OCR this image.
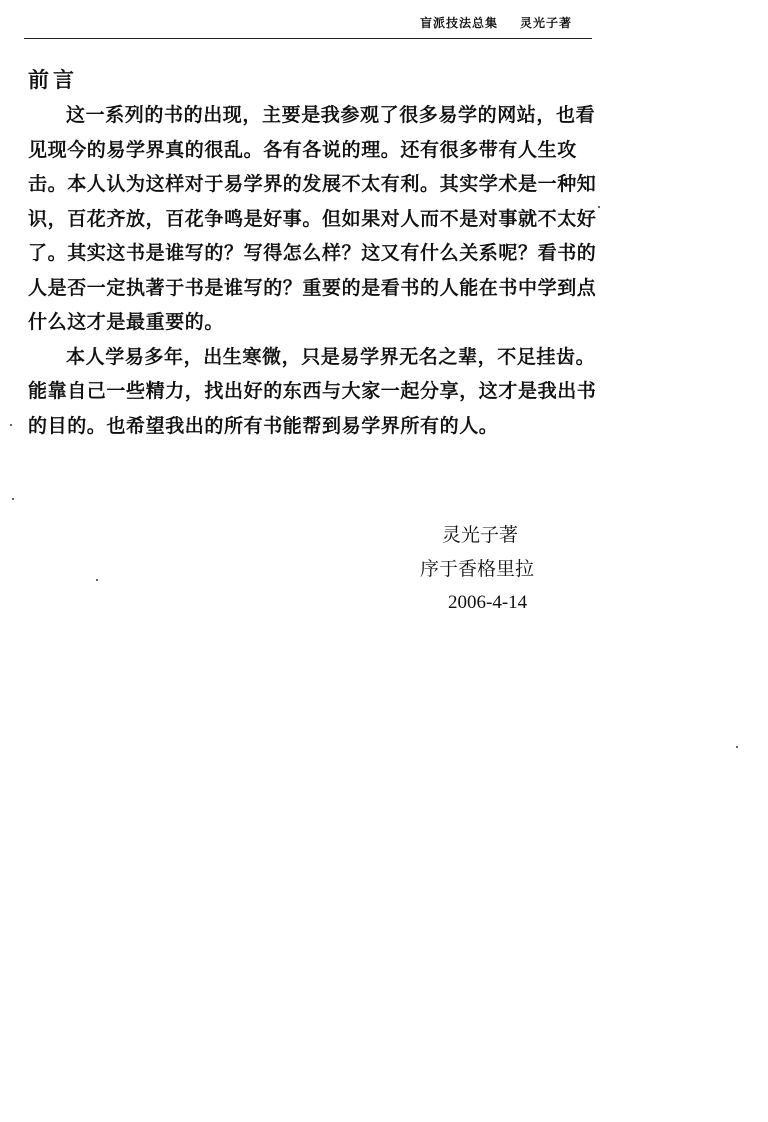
盲派技法总集 灵光子著
前言

这一系列的书的出现，主要是我参观了很多易学的网站，也看见现今的易学界真的很乱。各有各说的理。还有很多带有人生攻击。本人认为这样对于易学界的发展不太有利。其实学术是一种知识，百花齐放，百花争鸣是好事。但如果对人而不是对事就不太好了。其实这书是谁写的？写得怎么样？这又有什么关系呢？看书的人是否一定执著于书是谁写的？重要的是看书的人能在书中学到点什么这才是最重要的。

本人学易多年，出生寒微，只是易学界无名之辈，不足挂齿。能靠自己一些精力，找出好的东西与大家一起分享，这才是我出书的目的。也希望我出的所有书能帮到易学界所有的人。

灵光子著
序于香格里拉
2006-4-14
